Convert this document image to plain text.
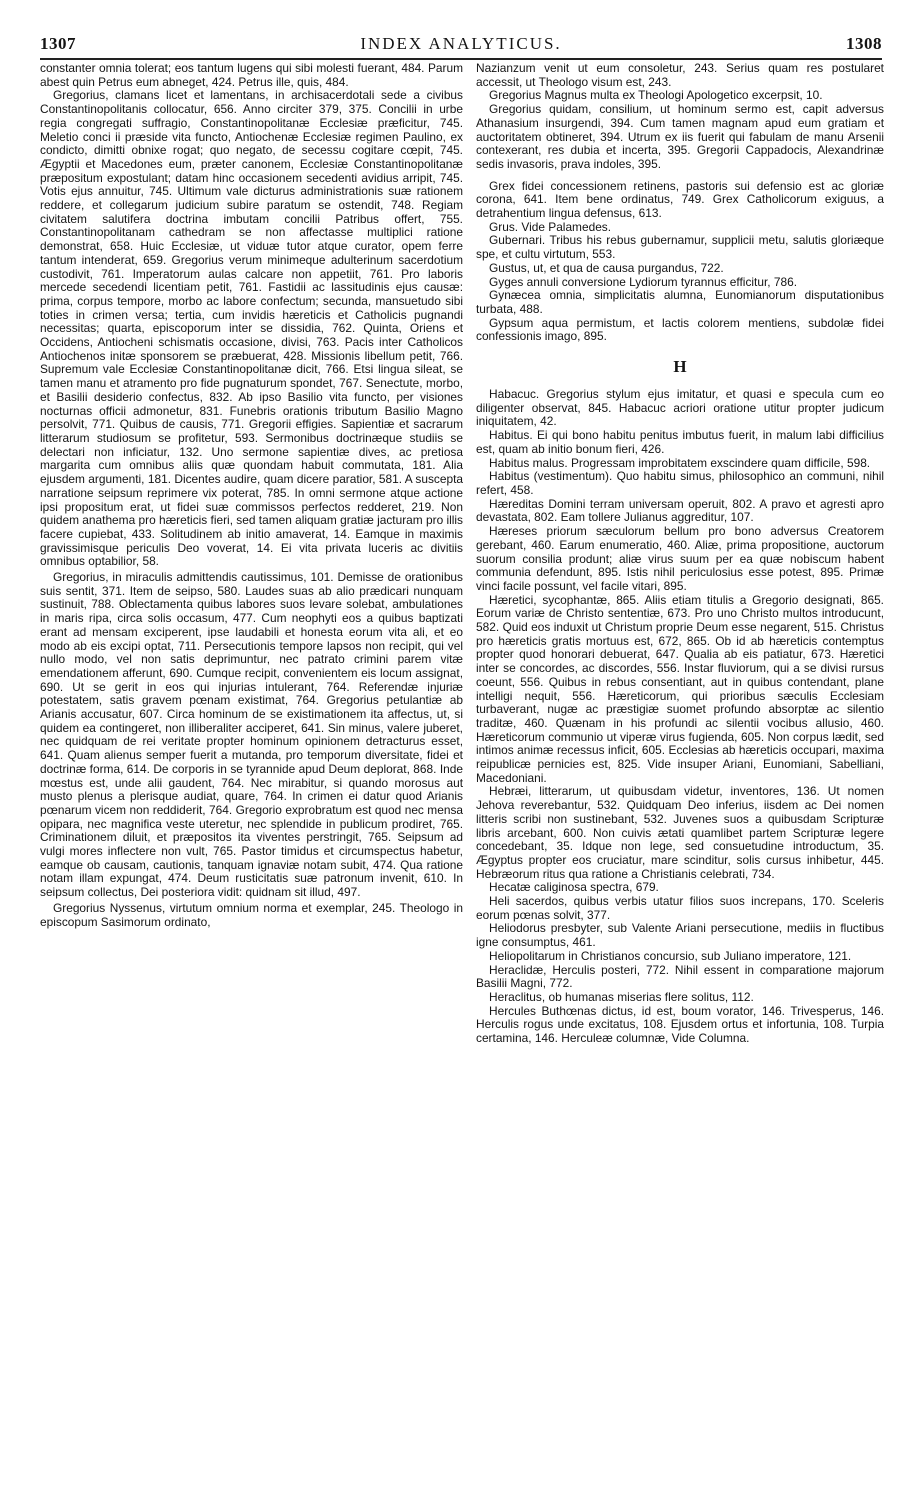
1307	INDEX ANALYTICUS.	1308

constanter omnia tolerat; eos tantum lugens qui sibi molesti fuerant, 484. Parum abest quin Petrus eum abneget, 424. Petrus ille, quis, 484.

Gregorius, clamans licet et lamentans, in archisacerdotali sede a civibus Constantinopolitanis collocatur, 656. Anno circiter 379, 375. Concilii in urbe regia congregati suffragio, Constantinopolitanæ Ecclesiæ præficitur, 745. Meletio conci ii præside vita functo, Antiochenæ Ecclesiæ regimen Paulino, ex condicto, dimitti obnixe rogat; quo negato, de secessu cogitare cœpit, 745. Ægyptii et Macedones eum, præter canonem, Ecclesiæ Constantinopolitanæ præpositum expostulant; datam hinc occasionem secedenti avidius arripit, 745. Votis ejus annuitur, 745. Ultimum vale dicturus administrationis suæ rationem reddere, et collegarum judicium subire paratum se ostendit, 748. Regiam civitatem salutifera doctrina imbutam concilii Patribus offert, 755. Constantinopolitanam cathedram se non affectasse multiplici ratione demonstrat, 658. Huic Ecclesiæ, ut viduæ tutor atque curator, opem ferre tantum intenderat, 659. Gregorius verum minimeque adulterinum sacerdotium custodivit, 761. Imperatorum aulas calcare non appetiit, 761. Pro laboris mercede secedendi licentiam petit, 761. Fastidii ac lassitudinis ejus causæ: prima, corpus tempore, morbo ac labore confectum; secunda, mansuetudo sibi toties in crimen versa; tertia, cum invidis hæreticis et Catholicis pugnandi necessitas; quarta, episcoporum inter se dissidia, 762. Quinta, Oriens et Occidens, Antiocheni schismatis occasione, divisi, 763. Pacis inter Catholicos Antiochenos initæ sponsorem se præbuerat, 428. Missionis libellum petit, 766. Supremum vale Ecclesiæ Constantinopolitanæ dicit, 766. Etsi lingua sileat, se tamen manu et atramento pro fide pugnaturum spondet, 767. Senectute, morbo, et Basilii desiderio confectus, 832. Ab ipso Basilio vita functo, per visiones nocturnas officii admonetur, 831. Funebris orationis tributum Basilio Magno persolvit, 771. Quibus de causis, 771. Gregorii effigies. Sapientiæ et sacrarum litterarum studiosum se profitetur, 593. Sermonibus doctrinæque studiis se delectari non inficiatur, 132. Uno sermone sapientiæ dives, ac pretiosa margarita cum omnibus aliis quæ quondam habuit commutata, 181. Alia ejusdem argumenti, 181. Dicentes audire, quam dicere paratior, 581. A suscepta narratione seipsum reprimere vix poterat, 785. In omni sermone atque actione ipsi propositum erat, ut fidei suæ commissos perfectos redderet, 219. Non quidem anathema pro hæreticis fieri, sed tamen aliquam gratiæ jacturam pro illis facere cupiebat, 433. Solitudinem ab initio amaverat, 14. Eamque in maximis gravissimisque periculis Deo voverat, 14. Ei vita privata luceris ac divitiis omnibus optabilior, 58.

Gregorius, in miraculis admittendis cautissimus, 101. Demisse de orationibus suis sentit, 371. Item de seipso, 580. Laudes suas ab alio prædicari nunquam sustinuit, 788. Oblectamenta quibus labores suos levare solebat, ambulationes in maris ripa, circa solis occasum, 477. Cum neophyti eos a quibus baptizati erant ad mensam exciperent, ipse laudabili et honesta eorum vita ali, et eo modo ab eis excipi optat, 711. Persecutionis tempore lapsos non recipit, qui vel nullo modo, vel non satis deprimuntur, nec patrato crimini parem vitæ emendationem afferunt, 690. Cumque recipit, convenientem eis locum assignat, 690. Ut se gerit in eos qui injurias intulerant, 764. Referendæ injuriæ potestatem, satis gravem pœnam existimat, 764. Gregorius petulantiæ ab Arianis accusatur, 607. Circa hominum de se existimationem ita affectus, ut, si quidem ea contingeret, non illiberaliter acciperet, 641. Sin minus, valere juberet, nec quidquam de rei veritate propter hominum opinionem detracturus esset, 641. Quam alienus semper fuerit a mutanda, pro temporum diversitate, fidei et doctrinæ forma, 614. De corporis in se tyrannide apud Deum deplorat, 868. Inde mœstus est, unde alii gaudent, 764. Nec mirabitur, si quando morosus aut musto plenus a plerisque audiat, quare, 764. In crimen ei datur quod Arianis pœnarum vicem non reddiderit, 764. Gregorio exprobratum est quod nec mensa opipara, nec magnifica veste uteretur, nec splendide in publicum prodiret, 765. Criminationem diluit, et præpositos ita viventes perstringit, 765. Seipsum ad vulgi mores inflectere non vult, 765. Pastor timidus et circumspectus habetur, eamque ob causam, cautionis, tanquam ignaviæ notam subit, 474. Qua ratione notam illam expungat, 474. Deum rusticitatis suæ patronum invenit, 610. In seipsum collectus, Dei posteriora vidit: quidnam sit illud, 497.

Gregorius Nyssenus, virtutum omnium norma et exemplar, 245. Theologo in episcopum Sasimorum ordinato,

Nazianzum venit ut eum consoletur, 243. Serius quam res postularet accessit, ut Theologo visum est, 243.

Gregorius Magnus multa ex Theologi Apologetico excerpsit, 10.

Gregorius quidam, consilium, ut hominum sermo est, capit adversus Athanasium insurgendi, 394. Cum tamen magnam apud eum gratiam et auctoritatem obtineret, 394. Utrum ex iis fuerit qui fabulam de manu Arsenii contexerant, res dubia et incerta, 395. Gregorii Cappadocis, Alexandrinæ sedis invasoris, prava indoles, 395.

Grex fidei concessionem retinens, pastoris sui defensio est ac gloriæ corona, 641. Item bene ordinatus, 749. Grex Catholicorum exiguus, a detrahentium lingua defensus, 613.

Grus. Vide Palamedes.

Gubernari. Tribus his rebus gubernamur, supplicii metu, salutis gloriæque spe, et cultu virtutum, 553.

Gustus, ut, et qua de causa purgandus, 722.

Gyges annuli conversione Lydiorum tyrannus efficitur, 786.

Gynæcea omnia, simplicitatis alumna, Eunomianorum disputationibus turbata, 488.

Gypsum aqua permistum, et lactis colorem mentiens, subdolæ fidei confessionis imago, 895.

H

Habacuc. Gregorius stylum ejus imitatur, et quasi e specula cum eo diligenter observat, 845. Habacuc acriori oratione utitur propter judicum iniquitatem, 42.

Habitus. Ei qui bono habitu penitus imbutus fuerit, in malum labi difficilius est, quam ab initio bonum fieri, 426.

Habitus malus. Progressam improbitatem exscindere quam difficile, 598.

Habitus (vestimentum). Quo habitu simus, philosophico an communi, nihil refert, 458.

Hæreditas Domini terram universam operuit, 802. A pravo et agresti apro devastata, 802. Eam tollere Julianus aggreditur, 107.

Hæreses priorum sæculorum bellum pro bono adversus Creatorem gerebant, 460. Earum enumeratio, 460. Aliæ, prima propositione, auctorum suorum consilia produnt; aliæ virus suum per ea quæ nobiscum habent communia defendunt, 895. Istis nihil periculosius esse potest, 895. Primæ vinci facile possunt, vel facile vitari, 895.

Hæretici, sycophantæ, 865. Aliis etiam titulis a Gregorio designati, 865. Eorum variæ de Christo sententiæ, 673. Pro uno Christo multos introducunt, 582. Quid eos induxit ut Christum proprie Deum esse negarent, 515. Christus pro hæreticis gratis mortuus est, 672, 865. Ob id ab hæreticis contemptus propter quod honorari debuerat, 647. Qualia ab eis patiatur, 673. Hæretici inter se concordes, ac discordes, 556. Instar fluviorum, qui a se divisi rursus coeunt, 556. Quibus in rebus consentiant, aut in quibus contendant, plane intelligi nequit, 556. Hæreticorum, qui prioribus sæculis Ecclesiam turbaverant, nugæ ac præstigiæ suomet profundo absorptæ ac silentio traditæ, 460. Quænam in his profundi ac silentii vocibus allusio, 460. Hæreticorum communio ut viperæ virus fugienda, 605. Non corpus lædit, sed intimos animæ recessus inficit, 605. Ecclesias ab hæreticis occupari, maxima reipublicæ pernicies est, 825. Vide insuper Ariani, Eunomiani, Sabelliani, Macedoniani.

Hebræi, litterarum, ut quibusdam videtur, inventores, 136. Ut nomen Jehova reverebantur, 532. Quidquam Deo inferius, iisdem ac Dei nomen litteris scribi non sustinebant, 532. Juvenes suos a quibusdam Scripturæ libris arcebant, 600. Non cuivis ætati quamlibet partem Scripturæ legere concedebant, 35. Idque non lege, sed consuetudine introductum, 35. Ægyptus propter eos cruciatur, mare scinditur, solis cursus inhibetur, 445. Hebræorum ritus qua ratione a Christianis celebrati, 734.

Hecatæ caliginosa spectra, 679.

Heli sacerdos, quibus verbis utatur filios suos increpans, 170. Sceleris eorum pœnas solvit, 377.

Heliodorus presbyter, sub Valente Ariani persecutione, mediis in fluctibus igne consumptus, 461.

Heliopolitarum in Christianos concursio, sub Juliano imperatore, 121.

Heraclidæ, Herculis posteri, 772. Nihil essent in comparatione majorum Basilii Magni, 772.

Heraclitus, ob humanas miserias flere solitus, 112.

Hercules Buthœnas dictus, id est, boum vorator, 146. Trivesperus, 146. Herculis rogus unde excitatus, 108. Ejusdem ortus et infortunia, 108. Turpia certamina, 146. Herculeæ columnæ, Vide Columna.
